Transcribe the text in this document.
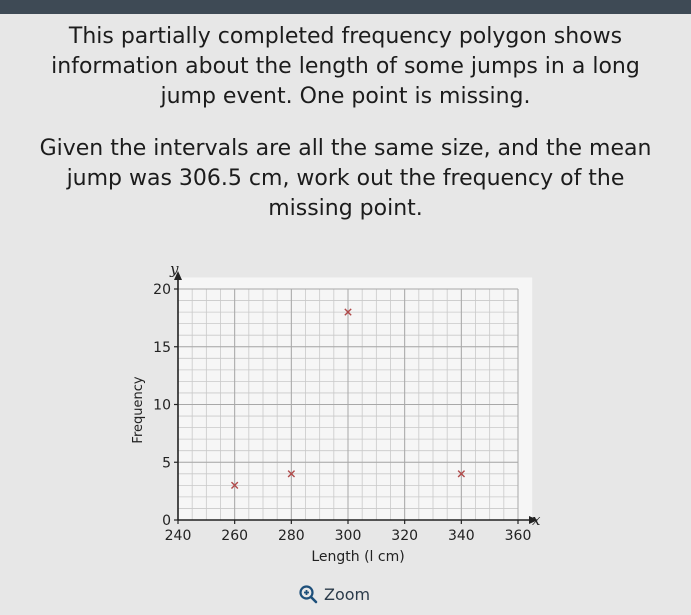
This partially completed frequency polygon shows
information about the length of some jumps in a long
jump event. One point is missing.

Given the intervals are all the same size, and the mean
jump was 306.5 cm, work out the frequency of the
missing point.

240 260 280 300 320 340 360
0
5
10
15
20
Length (l cm)
Frequency
x
y
Zoom
